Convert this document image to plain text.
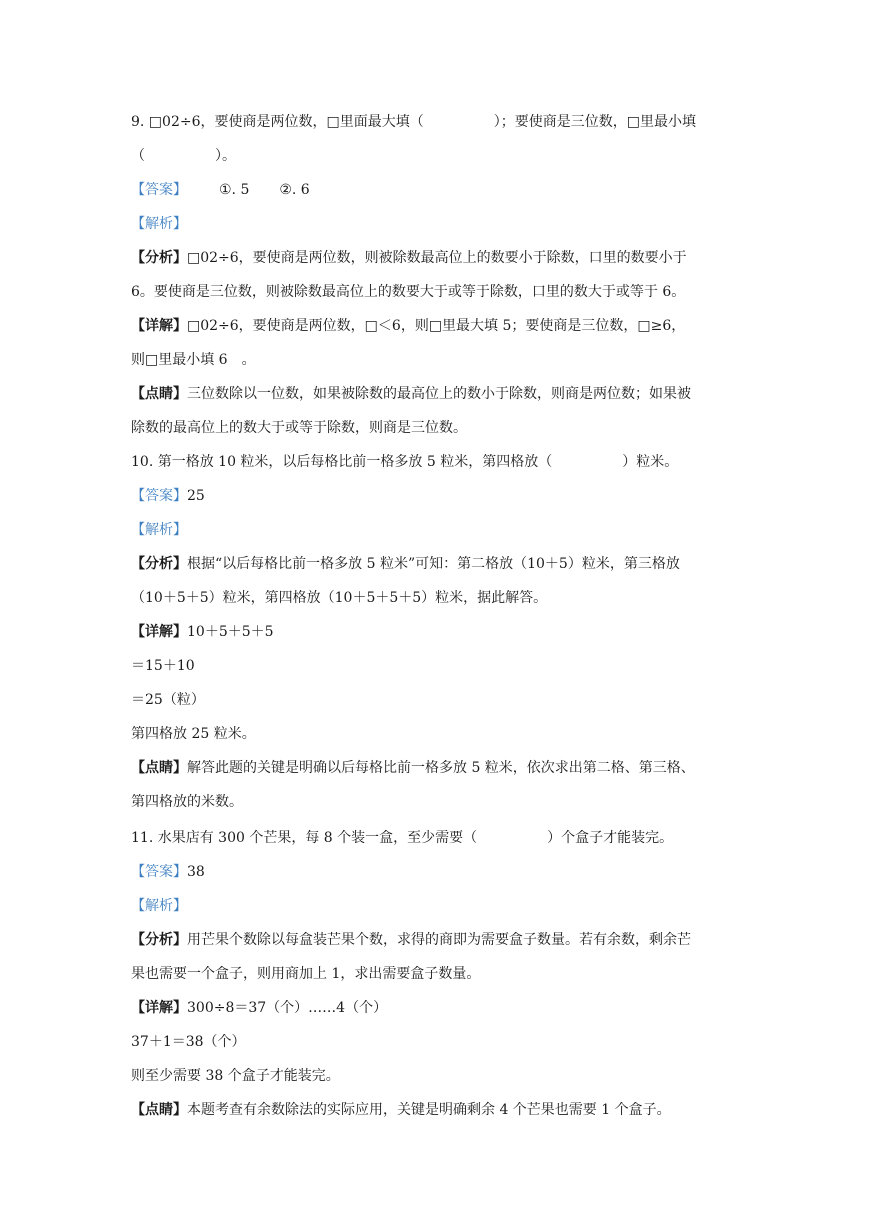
9. □02÷6，要使商是两位数，□里面最大填（　　　　　）；要使商是三位数，□里最小填
（　　　　　）。
【答案】 ①. 5 ②. 6
【解析】
【分析】□02÷6，要使商是两位数，则被除数最高位上的数要小于除数，口里的数要小于
6。要使商是三位数，则被除数最高位上的数要大于或等于除数，口里的数大于或等于 6。
【详解】□02÷6，要使商是两位数，□＜6，则□里最大填 5；要使商是三位数，□≥6，
则□里最小填 6　。
【点睛】三位数除以一位数，如果被除数的最高位上的数小于除数，则商是两位数；如果被
除数的最高位上的数大于或等于除数，则商是三位数。
10. 第一格放 10 粒米，以后每格比前一格多放 5 粒米，第四格放（　　　　　）粒米。
【答案】25
【解析】
【分析】根据“以后每格比前一格多放 5 粒米”可知：第二格放（10＋5）粒米，第三格放
（10＋5＋5）粒米，第四格放（10＋5＋5＋5）粒米，据此解答。
【详解】10＋5＋5＋5
＝15＋10
＝25（粒）
第四格放 25 粒米。
【点睛】解答此题的关键是明确以后每格比前一格多放 5 粒米，依次求出第二格、第三格、
第四格放的米数。
11. 水果店有 300 个芒果，每 8 个装一盒，至少需要（　　　　　）个盒子才能装完。
【答案】38
【解析】
【分析】用芒果个数除以每盒装芒果个数，求得的商即为需要盒子数量。若有余数，剩余芒
果也需要一个盒子，则用商加上 1，求出需要盒子数量。
【详解】300÷8＝37（个）……4（个）
37＋1＝38（个）
则至少需要 38 个盒子才能装完。
【点睛】本题考查有余数除法的实际应用，关键是明确剩余 4 个芒果也需要 1 个盒子。
